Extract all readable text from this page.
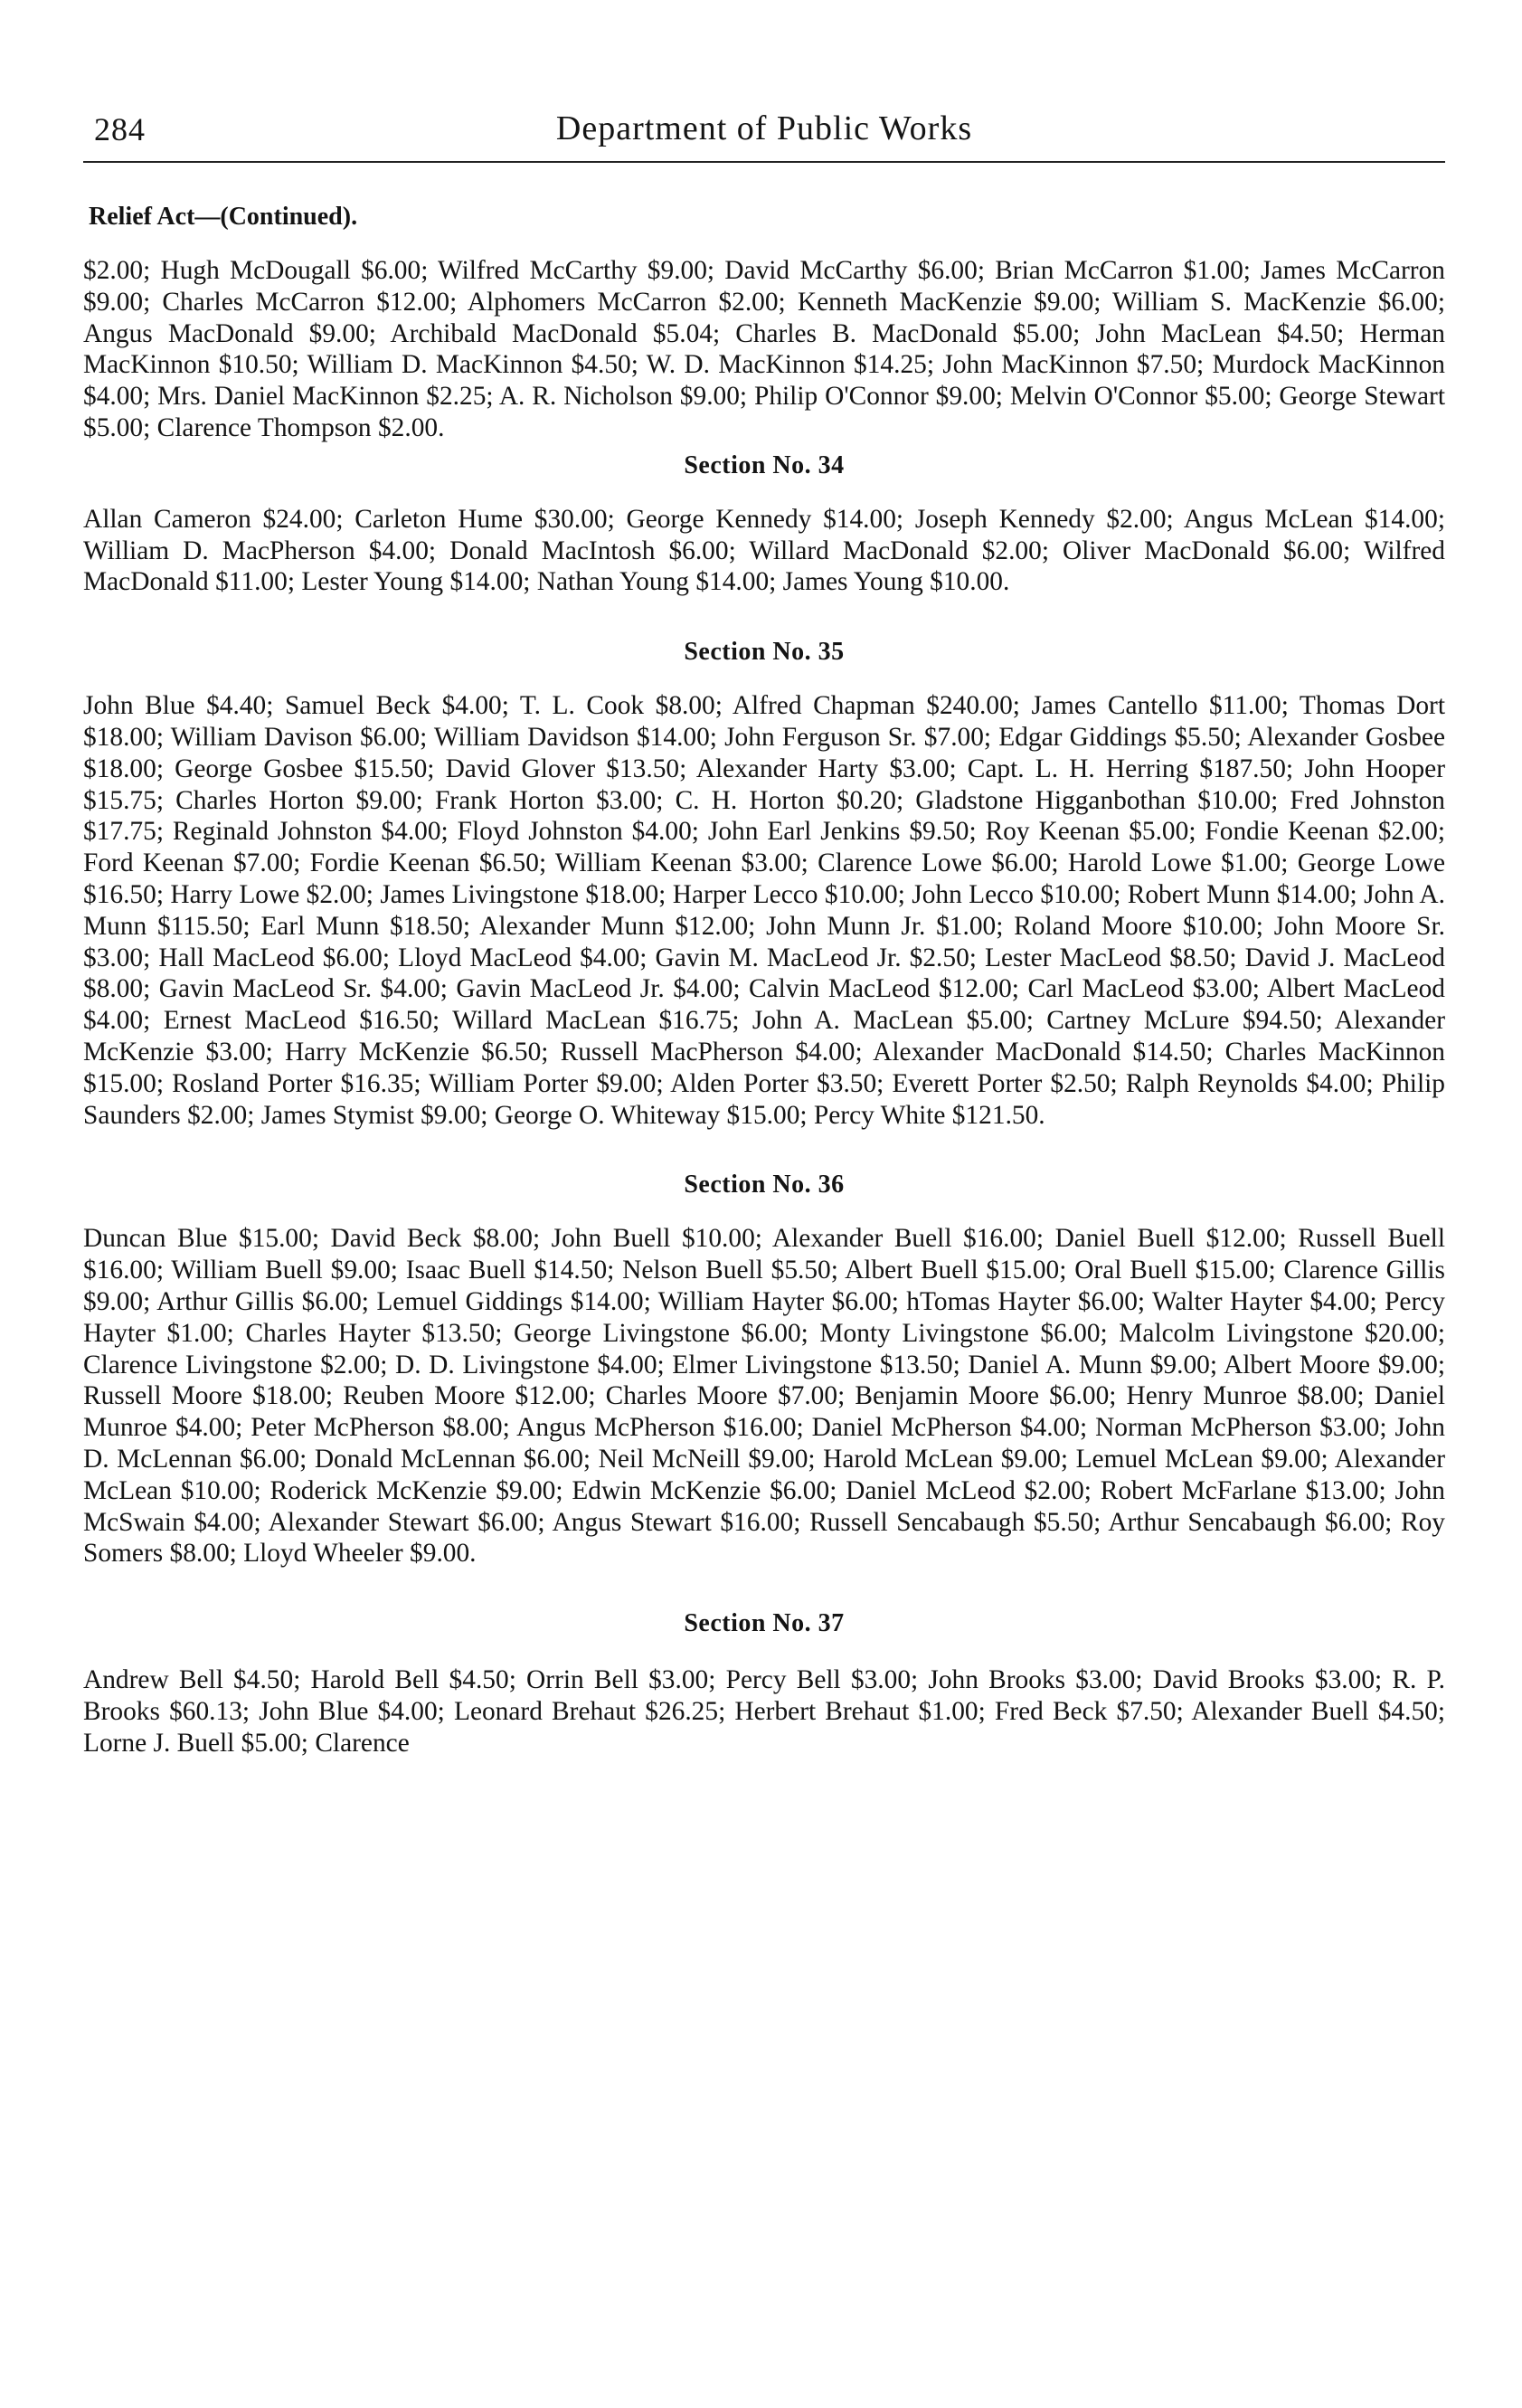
284	Department of Public Works
Relief Act—(Continued).

$2.00; Hugh McDougall $6.00; Wilfred McCarthy $9.00; David McCarthy $6.00; Brian McCarron $1.00; James McCarron $9.00; Charles McCarron $12.00; Alphomers McCarron $2.00; Kenneth MacKenzie $9.00; William S. MacKenzie $6.00; Angus MacDonald $9.00; Archibald MacDonald $5.04; Charles B. MacDonald $5.00; John MacLean $4.50; Herman MacKinnon $10.50; William D. MacKinnon $4.50; W. D. MacKinnon $14.25; John MacKinnon $7.50; Murdock MacKinnon $4.00; Mrs. Daniel MacKinnon $2.25; A. R. Nicholson $9.00; Philip O'Connor $9.00; Melvin O'Connor $5.00; George Stewart $5.00; Clarence Thompson $2.00.

Section No. 34

Allan Cameron $24.00; Carleton Hume $30.00; George Kennedy $14.00; Joseph Kennedy $2.00; Angus McLean $14.00; William D. MacPherson $4.00; Donald MacIntosh $6.00; Willard MacDonald $2.00; Oliver MacDonald $6.00; Wilfred MacDonald $11.00; Lester Young $14.00; Nathan Young $14.00; James Young $10.00.

Section No. 35

John Blue $4.40; Samuel Beck $4.00; T. L. Cook $8.00; Alfred Chapman $240.00; James Cantello $11.00; Thomas Dort $18.00; William Davison $6.00; William Davidson $14.00; John Ferguson Sr. $7.00; Edgar Giddings $5.50; Alexander Gosbee $18.00; George Gosbee $15.50; David Glover $13.50; Alexander Harty $3.00; Capt. L. H. Herring $187.50; John Hooper $15.75; Charles Horton $9.00; Frank Horton $3.00; C. H. Horton $0.20; Gladstone Higganbothan $10.00; Fred Johnston $17.75; Reginald Johnston $4.00; Floyd Johnston $4.00; John Earl Jenkins $9.50; Roy Keenan $5.00; Fondie Keenan $2.00; Ford Keenan $7.00; Fordie Keenan $6.50; William Keenan $3.00; Clarence Lowe $6.00; Harold Lowe $1.00; George Lowe $16.50; Harry Lowe $2.00; James Livingstone $18.00; Harper Lecco $10.00; John Lecco $10.00; Robert Munn $14.00; John A. Munn $115.50; Earl Munn $18.50; Alexander Munn $12.00; John Munn Jr. $1.00; Roland Moore $10.00; John Moore Sr. $3.00; Hall MacLeod $6.00; Lloyd MacLeod $4.00; Gavin M. MacLeod Jr. $2.50; Lester MacLeod $8.50; David J. MacLeod $8.00; Gavin MacLeod Sr. $4.00; Gavin MacLeod Jr. $4.00; Calvin MacLeod $12.00; Carl MacLeod $3.00; Albert MacLeod $4.00; Ernest MacLeod $16.50; Willard MacLean $16.75; John A. MacLean $5.00; Cartney McLure $94.50; Alexander McKenzie $3.00; Harry McKenzie $6.50; Russell MacPherson $4.00; Alexander MacDonald $14.50; Charles MacKinnon $15.00; Rosland Porter $16.35; William Porter $9.00; Alden Porter $3.50; Everett Porter $2.50; Ralph Reynolds $4.00; Philip Saunders $2.00; James Stymist $9.00; George O. Whiteway $15.00; Percy White $121.50.

Section No. 36

Duncan Blue $15.00; David Beck $8.00; John Buell $10.00; Alexander Buell $16.00; Daniel Buell $12.00; Russell Buell $16.00; William Buell $9.00; Isaac Buell $14.50; Nelson Buell $5.50; Albert Buell $15.00; Oral Buell $15.00; Clarence Gillis $9.00; Arthur Gillis $6.00; Lemuel Giddings $14.00; William Hayter $6.00; hTomas Hayter $6.00; Walter Hayter $4.00; Percy Hayter $1.00; Charles Hayter $13.50; George Livingstone $6.00; Monty Livingstone $6.00; Malcolm Livingstone $20.00; Clarence Livingstone $2.00; D. D. Livingstone $4.00; Elmer Livingstone $13.50; Daniel A. Munn $9.00; Albert Moore $9.00; Russell Moore $18.00; Reuben Moore $12.00; Charles Moore $7.00; Benjamin Moore $6.00; Henry Munroe $8.00; Daniel Munroe $4.00; Peter McPherson $8.00; Angus McPherson $16.00; Daniel McPherson $4.00; Norman McPherson $3.00; John D. McLennan $6.00; Donald McLennan $6.00; Neil McNeill $9.00; Harold McLean $9.00; Lemuel McLean $9.00; Alexander McLean $10.00; Roderick McKenzie $9.00; Edwin McKenzie $6.00; Daniel McLeod $2.00; Robert McFarlane $13.00; John McSwain $4.00; Alexander Stewart $6.00; Angus Stewart $16.00; Russell Sencabaugh $5.50; Arthur Sencabaugh $6.00; Roy Somers $8.00; Lloyd Wheeler $9.00.

Section No. 37

Andrew Bell $4.50; Harold Bell $4.50; Orrin Bell $3.00; Percy Bell $3.00; John Brooks $3.00; David Brooks $3.00; R. P. Brooks $60.13; John Blue $4.00; Leonard Brehaut $26.25; Herbert Brehaut $1.00; Fred Beck $7.50; Alexander Buell $4.50; Lorne J. Buell $5.00; Clarence
